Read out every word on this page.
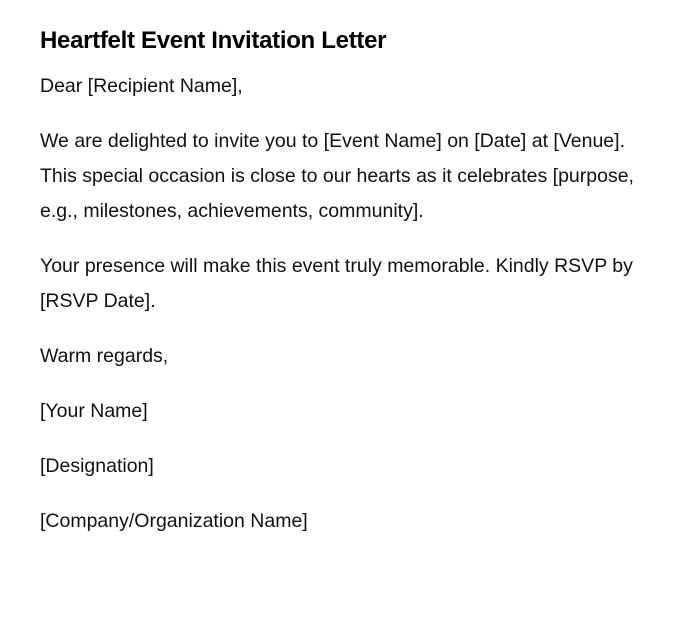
Heartfelt Event Invitation Letter

Dear [Recipient Name],

We are delighted to invite you to [Event Name] on [Date] at [Venue]. This special occasion is close to our hearts as it celebrates [purpose, e.g., milestones, achievements, community].

Your presence will make this event truly memorable. Kindly RSVP by [RSVP Date].

Warm regards,

[Your Name]

[Designation]

[Company/Organization Name]
